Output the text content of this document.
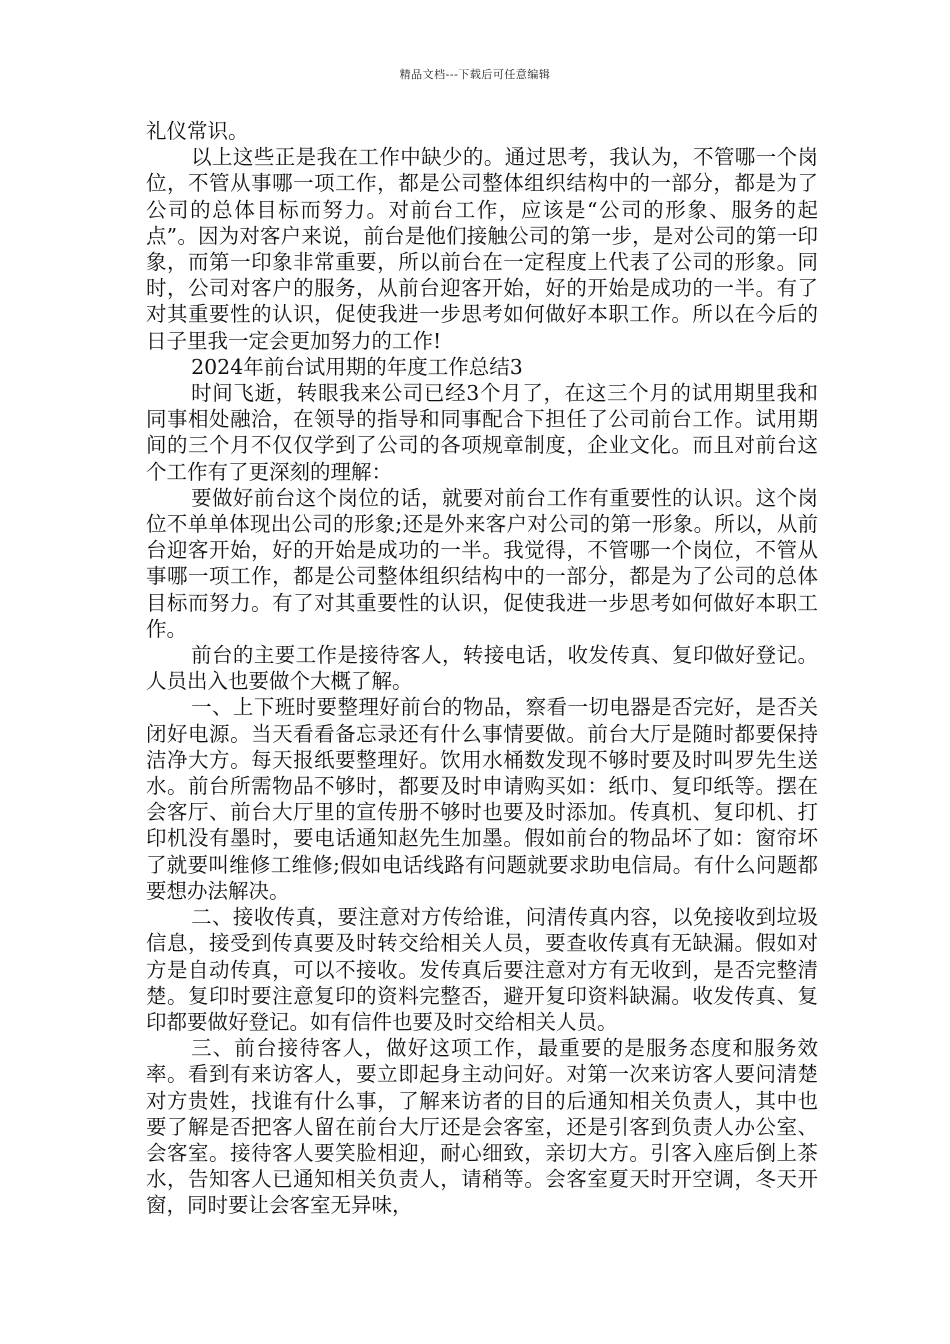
精品文档---下载后可任意编辑

礼仪常识。

以上这些正是我在工作中缺少的。通过思考，我认为，不管哪一个岗位，不管从事哪一项工作，都是公司整体组织结构中的一部分，都是为了公司的总体目标而努力。对前台工作，应该是“公司的形象、服务的起点”。因为对客户来说，前台是他们接触公司的第一步，是对公司的第一印象，而第一印象非常重要，所以前台在一定程度上代表了公司的形象。同时，公司对客户的服务，从前台迎客开始，好的开始是成功的一半。有了对其重要性的认识，促使我进一步思考如何做好本职工作。所以在今后的日子里我一定会更加努力的工作!

2024年前台试用期的年度工作总结3

时间飞逝，转眼我来公司已经3个月了，在这三个月的试用期里我和同事相处融洽，在领导的指导和同事配合下担任了公司前台工作。试用期间的三个月不仅仅学到了公司的各项规章制度，企业文化。而且对前台这个工作有了更深刻的理解：

要做好前台这个岗位的话，就要对前台工作有重要性的认识。这个岗位不单单体现出公司的形象;还是外来客户对公司的第一形象。所以，从前台迎客开始，好的开始是成功的一半。我觉得，不管哪一个岗位，不管从事哪一项工作，都是公司整体组织结构中的一部分，都是为了公司的总体目标而努力。有了对其重要性的认识，促使我进一步思考如何做好本职工作。

前台的主要工作是接待客人，转接电话，收发传真、复印做好登记。人员出入也要做个大概了解。

一、上下班时要整理好前台的物品，察看一切电器是否完好，是否关闭好电源。当天看看备忘录还有什么事情要做。前台大厅是随时都要保持洁净大方。每天报纸要整理好。饮用水桶数发现不够时要及时叫罗先生送水。前台所需物品不够时，都要及时申请购买如：纸巾、复印纸等。摆在会客厅、前台大厅里的宣传册不够时也要及时添加。传真机、复印机、打印机没有墨时，要电话通知赵先生加墨。假如前台的物品坏了如：窗帘坏了就要叫维修工维修;假如电话线路有问题就要求助电信局。有什么问题都要想办法解决。

二、接收传真，要注意对方传给谁，问清传真内容，以免接收到垃圾信息，接受到传真要及时转交给相关人员，要查收传真有无缺漏。假如对方是自动传真，可以不接收。发传真后要注意对方有无收到，是否完整清楚。复印时要注意复印的资料完整否，避开复印资料缺漏。收发传真、复印都要做好登记。如有信件也要及时交给相关人员。

三、前台接待客人，做好这项工作，最重要的是服务态度和服务效率。看到有来访客人，要立即起身主动问好。对第一次来访客人要问清楚对方贵姓，找谁有什么事，了解来访者的目的后通知相关负责人，其中也要了解是否把客人留在前台大厅还是会客室，还是引客到负责人办公室、会客室。接待客人要笑脸相迎，耐心细致，亲切大方。引客入座后倒上茶水，告知客人已通知相关负责人，请稍等。会客室夏天时开空调，冬天开窗，同时要让会客室无异味，
